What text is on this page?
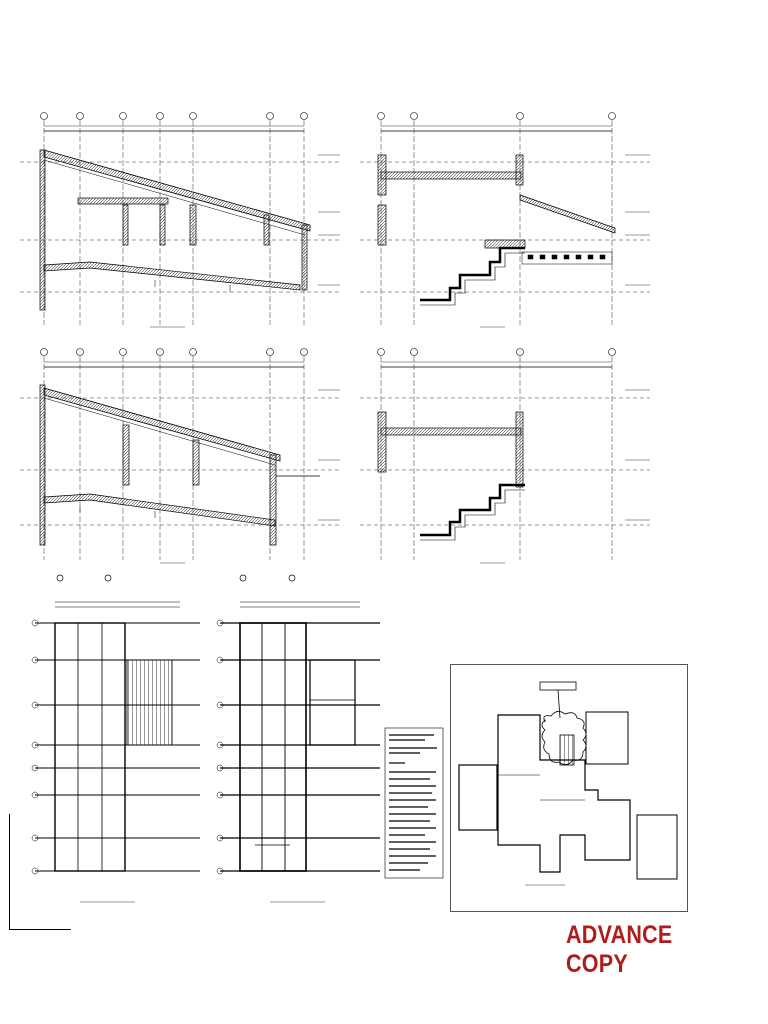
ADVANCE COPY
